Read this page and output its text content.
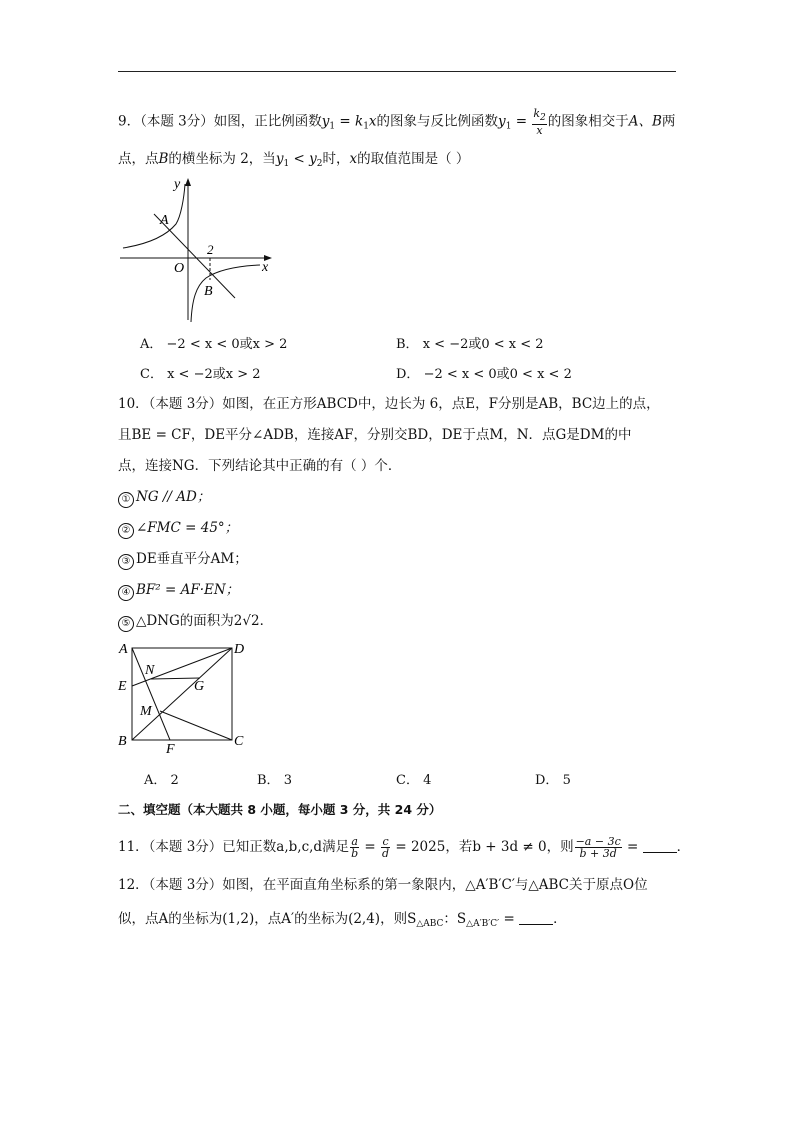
9．（本题 3分）如图，正比例函数$y_1 = k_1x$的图象与反比例函数$y_1 = \frac{k_2}{x}$ 的图象相交于A、B两
点，点B的横坐标为 2，当$y_1 < y_2$时，x的取值范围是（ ）
y
x
O
A
B
2
A． −2 < x < 0或x > 2	B． x < −2或0 < x < 2
C． x < −2或x > 2	D． −2 < x < 0或0 < x < 2
10．（本题 3分）如图，在正方形ABCD中，边长为 6，点E，F分别是AB，BC边上的点，
且BE = CF，DE平分∠ADB，连接AF，分别交BD，DE于点M，N．点G是DM的中
点，连接NG．下列结论其中正确的有（ ）个．
① NG // AD；
② ∠FMC = 45°；
③ DE垂直平分AM；
④ BF² = AF·EN；
⑤ △DNG的面积为2√2．
A	D
N
E	G
M
B
F
C
A． 2	B． 3	C． 4	D． 5
二、填空题（本大题共 8 小题，每小题 3 分，共 24 分）
11．（本题 3分）已知正数a,b,c,d满足 $\frac{a}{b} = \frac{c}{d} = 2025$，若b + 3d ≠ 0，则 $\frac{-a - 3c}{b + 3d}$ =	．
12．（本题 3分）如图，在平面直角坐标系的第一象限内，△A′B′C′与△ABC关于原点O位
似，点A的坐标为(1,2)，点A′的坐标为(2,4)，则$S_{\triangle ABC}$：$S_{\triangle A'B'C'}$ =	．
